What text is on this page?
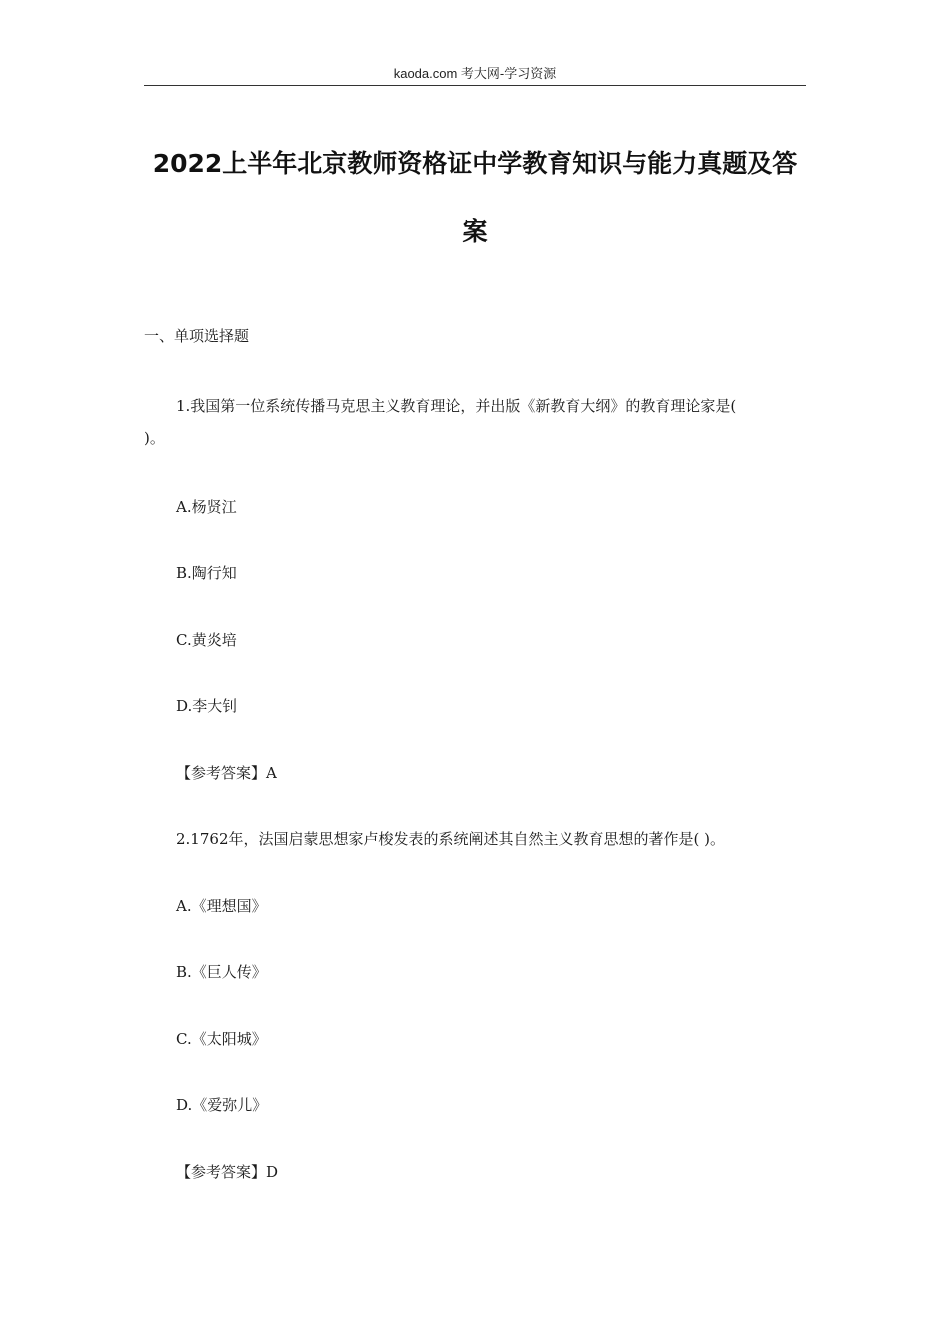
kaoda.com 考大网-学习资源
2022上半年北京教师资格证中学教育知识与能力真题及答
案
一、单项选择题
1.我国第一位系统传播马克思主义教育理论，并出版《新教育大纲》的教育理论家是(
)。
A.杨贤江
B.陶行知
C.黄炎培
D.李大钊
【参考答案】A
2.1762年，法国启蒙思想家卢梭发表的系统阐述其自然主义教育思想的著作是( )。
A.《理想国》
B.《巨人传》
C.《太阳城》
D.《爱弥儿》
【参考答案】D
